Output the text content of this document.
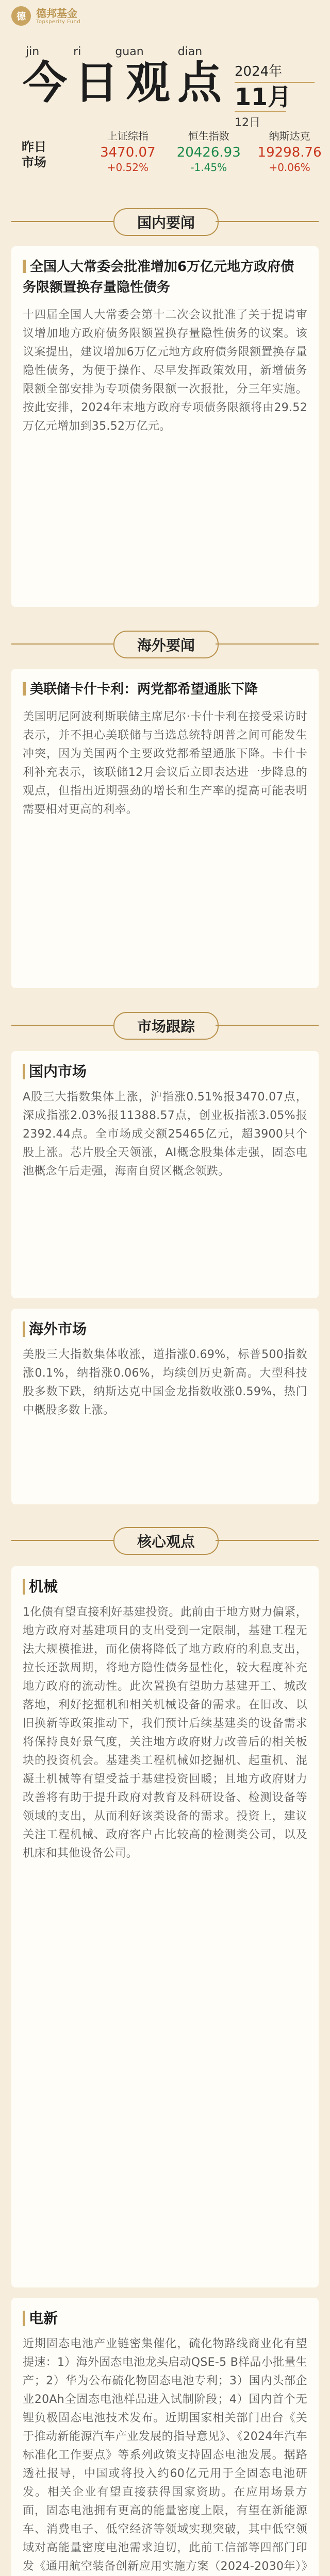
德	德邦基金
Topsperity Fund
jin	ri	guan	dian
今日观点 2024年
11月
12日
昨日
市场
上证综指
3470.07
+0.52%
恒生指数
20426.93
-1.45%
纳斯达克
19298.76
+0.06%
国内要闻
全国人大常委会批准增加6万亿元地方政府债务限额置换存量隐性债务
十四届全国人大常委会第十二次会议批准了关于提请审议增加地方政府债务限额置换存量隐性债务的议案。该议案提出，建议增加6万亿元地方政府债务限额置换存量隐性债务，为便于操作、尽早发挥政策效用，新增债务限额全部安排为专项债务限额一次报批，分三年实施。按此安排，2024年末地方政府专项债务限额将由29.52万亿元增加到35.52万亿元。
海外要闻
美联储卡什卡利：两党都希望通胀下降
美国明尼阿波利斯联储主席尼尔·卡什卡利在接受采访时表示，并不担心美联储与当选总统特朗普之间可能发生冲突，因为美国两个主要政党都希望通胀下降。卡什卡利补充表示，该联储12月会议后立即表达进一步降息的观点，但指出近期强劲的增长和生产率的提高可能表明需要相对更高的利率。
市场跟踪
国内市场
A股三大指数集体上涨，沪指涨0.51%报3470.07点，深成指涨2.03%报11388.57点，创业板指涨3.05%报2392.44点。全市场成交额25465亿元，超3900只个股上涨。芯片股全天领涨，AI概念股集体走强，固态电池概念午后走强，海南自贸区概念领跌。
海外市场
美股三大指数集体收涨，道指涨0.69%，标普500指数涨0.1%，纳指涨0.06%，均续创历史新高。大型科技股多数下跌，纳斯达克中国金龙指数收涨0.59%，热门中概股多数上涨。
核心观点
机械
1化债有望直接利好基建投资。此前由于地方财力偏紧，地方政府对基建项目的支出受到一定限制，基建工程无法大规模推进，而化债将降低了地方政府的利息支出，拉长还款周期，将地方隐性债务显性化，较大程度补充地方政府的流动性。此次置换有望助力基建开工、城改落地，利好挖掘机和相关机械设备的需求。在旧改、以旧换新等政策推动下，我们预计后续基建类的设备需求将保持良好景气度，关注地方政府财力改善后的相关板块的投资机会。基建类工程机械如挖掘机、起重机、混凝土机械等有望受益于基建投资回暖；且地方政府财力改善将有助于提升政府对教育及科研设备、检测设备等领域的支出，从而利好该类设备的需求。投资上，建议关注工程机械、政府客户占比较高的检测类公司，以及机床和其他设备公司。
电新
近期固态电池产业链密集催化，硫化物路线商业化有望提速：1）海外固态电池龙头启动QSE-5 B样品小批量生产；2）华为公布硫化物固态电池专利；3）国内头部企业20Ah全固态电池样品进入试制阶段；4）国内首个无锂负极固态电池技术发布。近期国家相关部门出台《关于推动新能源汽车产业发展的指导意见》、《2024年汽车标准化工作要点》等系列政策支持固态电池发展。据路透社报导，中国或将投入约60亿元用于全固态电池研发。相关企业有望直接获得国家资助。在应用场景方面，固态电池拥有更高的能量密度上限，有望在新能源车、消费电子、低空经济等领域实现突破，其中低空领域对高能量密度电池需求迫切，此前工信部等四部门印发《通用航空装备创新应用实施方案（2024-2030年）》
